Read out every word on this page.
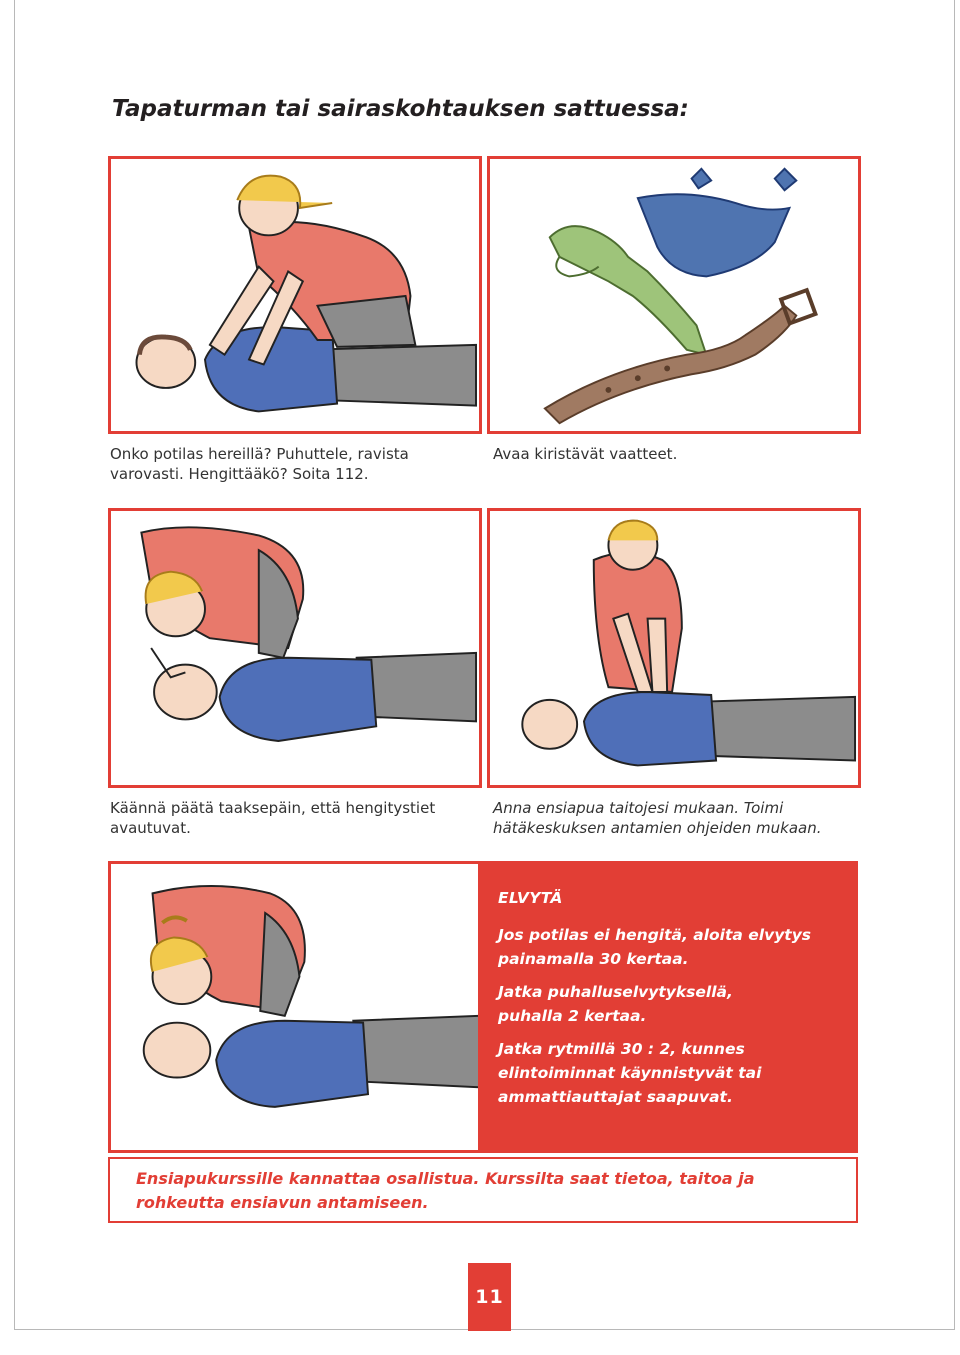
Tapaturman tai sairaskohtauksen sattuessa:
Onko potilas hereillä? Puhuttele, ravista
varovasti. Hengittääkö? Soita 112.
Avaa kiristävät vaatteet.
Käännä päätä taaksepäin, että hengitystiet
avautuvat.
Anna ensiapua taitojesi mukaan. Toimi
hätäkeskuksen antamien ohjeiden mukaan.

ELVYTÄ

Jos potilas ei hengitä, aloita elvytys
painamalla 30 kertaa.

Jatka puhalluselvytyksellä,
puhalla 2 kertaa.

Jatka rytmillä 30 : 2, kunnes
elintoiminnat käynnistyvät tai
ammattiauttajat saapuvat.

Ensiapukurssille kannattaa osallistua. Kurssilta saat tietoa, taitoa ja
rohkeutta ensiavun antamiseen.

11
